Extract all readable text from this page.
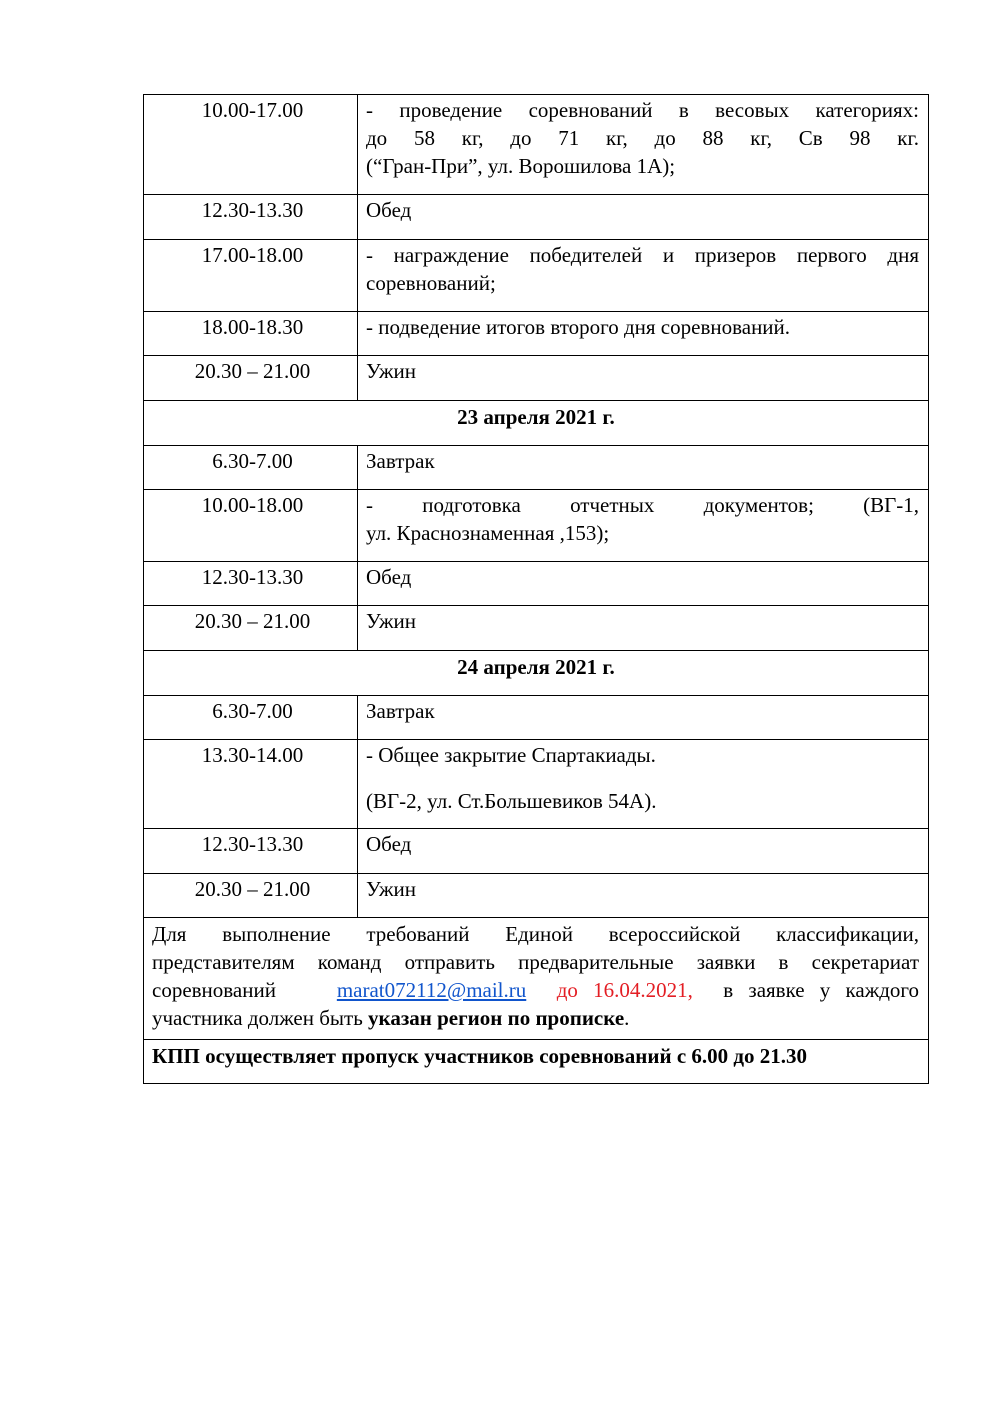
10.00-17.00	- проведение соревнований в весовых категориях:
до 58 кг, до 71 кг, до 88 кг, Св 98 кг.
(“Гран-При”, ул. Ворошилова 1А);

12.30-13.30	Обед

17.00-18.00	- награждение победителей и призеров первого дня
соревнований;

18.00-18.30	- подведение итогов второго дня соревнований.

20.30 – 21.00	Ужин

23 апреля 2021 г.	
6.30-7.00	Завтрак

10.00-18.00	- подготовка отчетных документов; (ВГ-1,
ул. Краснознаменная ,153);

12.30-13.30	Обед

20.30 – 21.00	Ужин

24 апреля 2021 г.	
6.30-7.00	Завтрак

13.30-14.00	- Общее закрытие Спартакиады.
(ВГ-2, ул. Ст.Большевиков 54А).

12.30-13.30	Обед

20.30 – 21.00	Ужин

Для выполнение требований Единой всероссийской классификации,
представителям команд отправить предварительные заявки в секретариат
соревнований marat072112@mail.ru до 16.04.2021, в заявке у каждого
участника должен быть указан регион по прописке.	

КПП осуществляет пропуск участников соревнований с 6.00 до 21.30	
